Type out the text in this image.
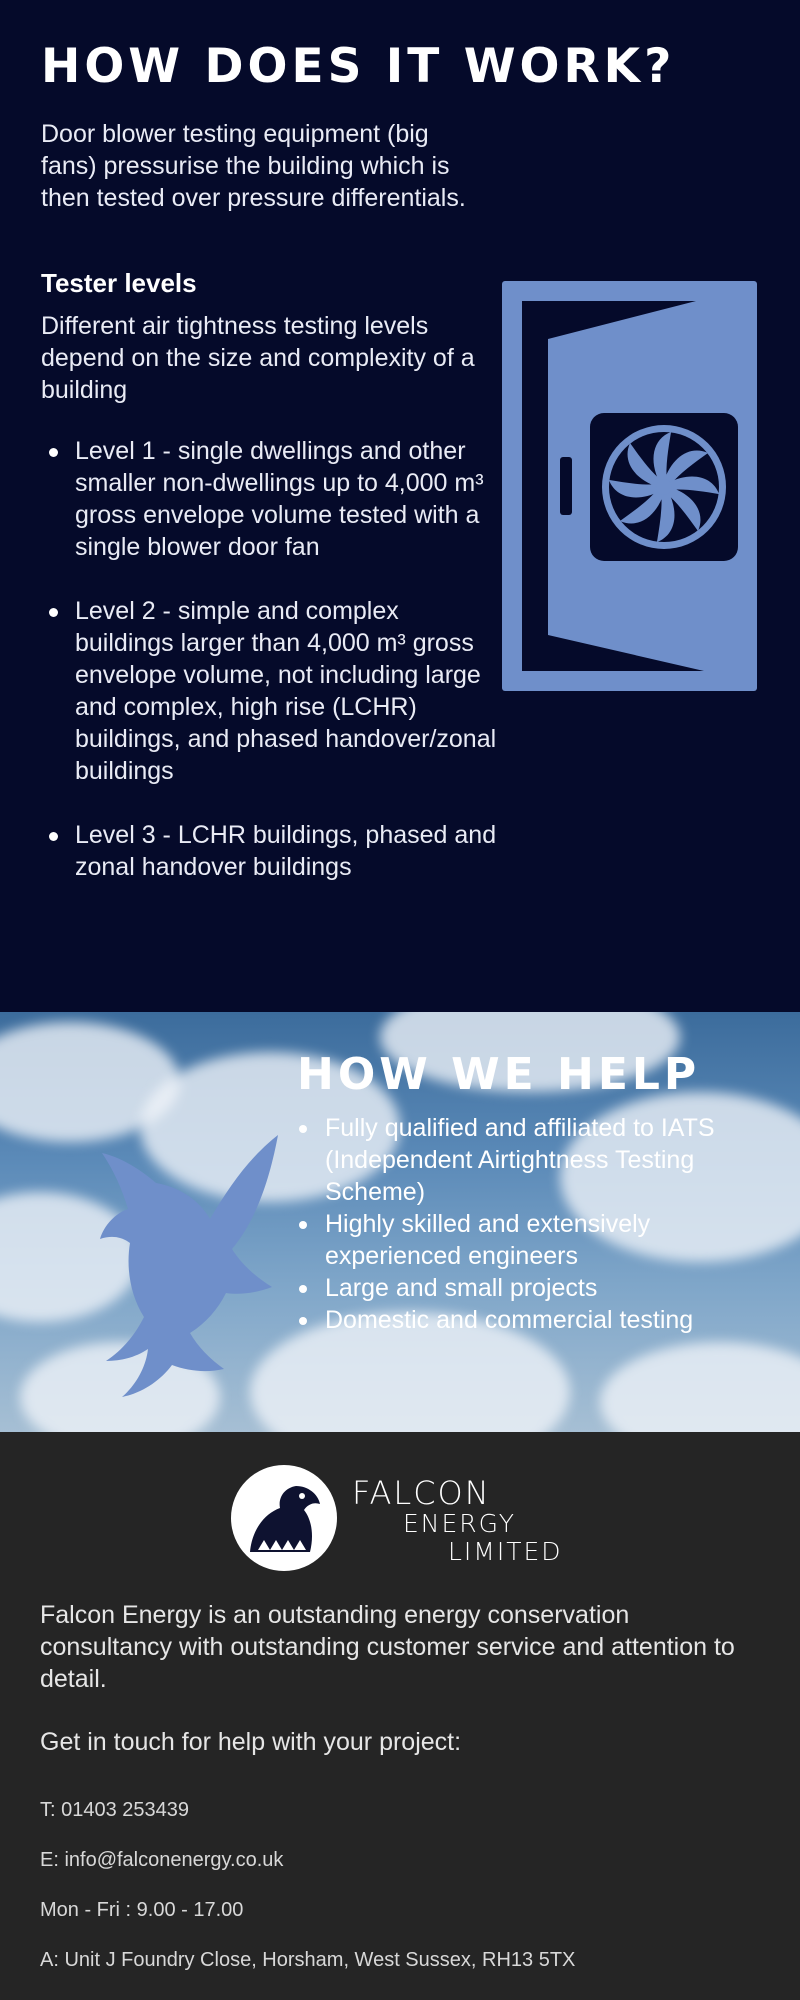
HOW DOES IT WORK?

Door blower testing equipment (big fans) pressurise the building which is then tested over pressure differentials.

Tester levels

Different air tightness testing levels depend on the size and complexity of a building

Level 1 - single dwellings and other smaller non-dwellings up to 4,000 m³ gross envelope volume tested with a single blower door fan
Level 2 - simple and complex buildings larger than 4,000 m³ gross envelope volume, not including large and complex, high rise (LCHR) buildings, and phased handover/zonal buildings
Level 3 - LCHR buildings, phased and zonal handover buildings
HOW WE HELP
Fully qualified and affiliated to IATS (Independent Airtightness Testing Scheme)
Highly skilled and extensively experienced engineers
Large and small projects
Domestic and commercial testing
FALCON
ENERGY
LIMITED

Falcon Energy is an outstanding energy conservation consultancy with outstanding customer service and attention to detail.

Get in touch for help with your project:

T: 01403 253439

E: info@falconenergy.co.uk

Mon - Fri : 9.00 - 17.00

A: Unit J Foundry Close, Horsham, West Sussex, RH13 5TX
